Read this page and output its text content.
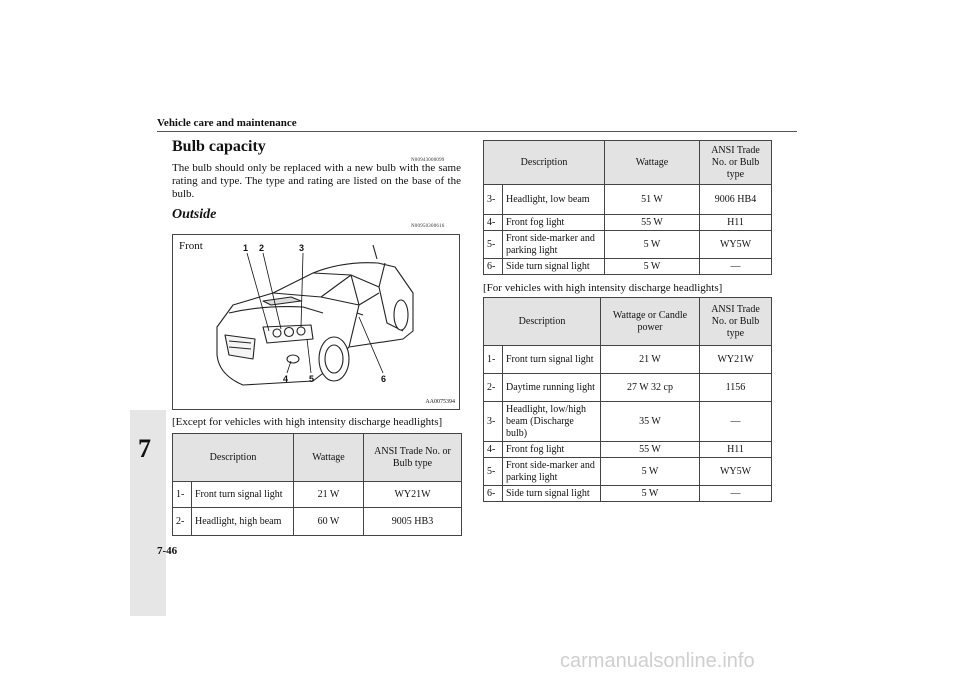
Vehicle care and maintenance
7
7-46
Bulb capacity
N00943000099

The bulb should only be replaced with a new bulb with the same rating and type. The type and rating are listed on the base of the bulb.

Outside
N00950300616
Front	1 2	3
4 5	6
AA0075394
[Except for vehicles with high intensity discharge headlights]
Description		Wattage	ANSI Trade No. or Bulb type
1-	Front turn signal light	21 W	WY21W
2-	Headlight, high beam	60 W	9005 HB3
Description		Wattage	ANSI Trade No. or Bulb type
3-	Headlight, low beam	51 W	9006 HB4
4-	Front fog light	55 W	H11
5-	Front side-marker and parking light	5 W	WY5W
6-	Side turn signal light	5 W	—
[For vehicles with high intensity discharge headlights]
Description		Wattage or Candle power	ANSI Trade No. or Bulb type
1-	Front turn signal light	21 W	WY21W
2-	Daytime running light	27 W 32 cp	1156
3-	Headlight, low/high beam (Discharge bulb)	35 W	—
4-	Front fog light	55 W	H11
5-	Front side-marker and parking light	5 W	WY5W
6-	Side turn signal light	5 W	—
carmanualsonline.info
